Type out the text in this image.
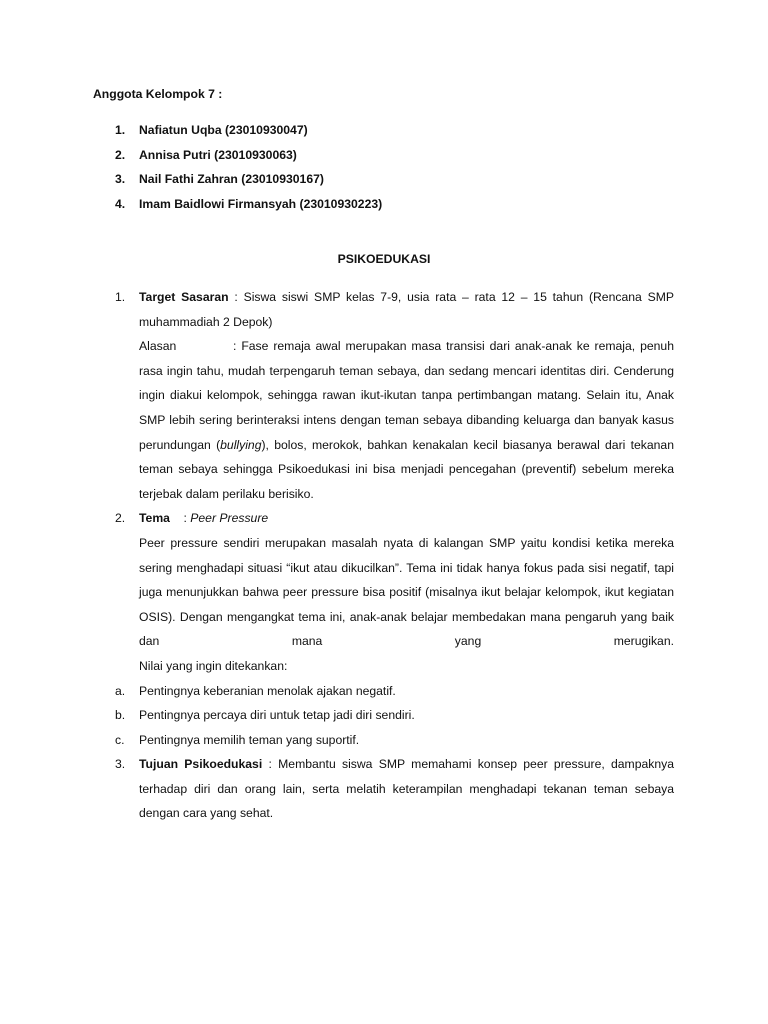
Anggota Kelompok 7 :
1. Nafiatun Uqba (23010930047)
2. Annisa Putri (23010930063)
3. Nail Fathi Zahran (23010930167)
4. Imam Baidlowi Firmansyah (23010930223)
PSIKOEDUKASI
1. Target Sasaran : Siswa siswi SMP kelas 7-9, usia rata – rata 12 – 15 tahun (Rencana SMP muhammadiah 2 Depok)
Alasan	: Fase remaja awal merupakan masa transisi dari anak-anak ke remaja, penuh rasa ingin tahu, mudah terpengaruh teman sebaya, dan sedang mencari identitas diri. Cenderung ingin diakui kelompok, sehingga rawan ikut-ikutan tanpa pertimbangan matang. Selain itu, Anak SMP lebih sering berinteraksi intens dengan teman sebaya dibanding keluarga dan banyak kasus perundungan (bullying), bolos, merokok, bahkan kenakalan kecil biasanya berawal dari tekanan teman sebaya sehingga Psikoedukasi ini bisa menjadi pencegahan (preventif) sebelum mereka terjebak dalam perilaku berisiko.
2. Tema    : Peer Pressure
Peer pressure sendiri merupakan masalah nyata di kalangan SMP yaitu kondisi ketika mereka sering menghadapi situasi “ikut atau dikucilkan”. Tema ini tidak hanya fokus pada sisi negatif, tapi juga menunjukkan bahwa peer pressure bisa positif (misalnya ikut belajar kelompok, ikut kegiatan OSIS). Dengan mengangkat tema ini, anak-anak belajar membedakan mana pengaruh yang baik dan mana yang merugikan.
Nilai yang ingin ditekankan:
a. Pentingnya keberanian menolak ajakan negatif.
b. Pentingnya percaya diri untuk tetap jadi diri sendiri.
c. Pentingnya memilih teman yang suportif.
3. Tujuan Psikoedukasi : Membantu siswa SMP memahami konsep peer pressure, dampaknya terhadap diri dan orang lain, serta melatih keterampilan menghadapi tekanan teman sebaya dengan cara yang sehat.
